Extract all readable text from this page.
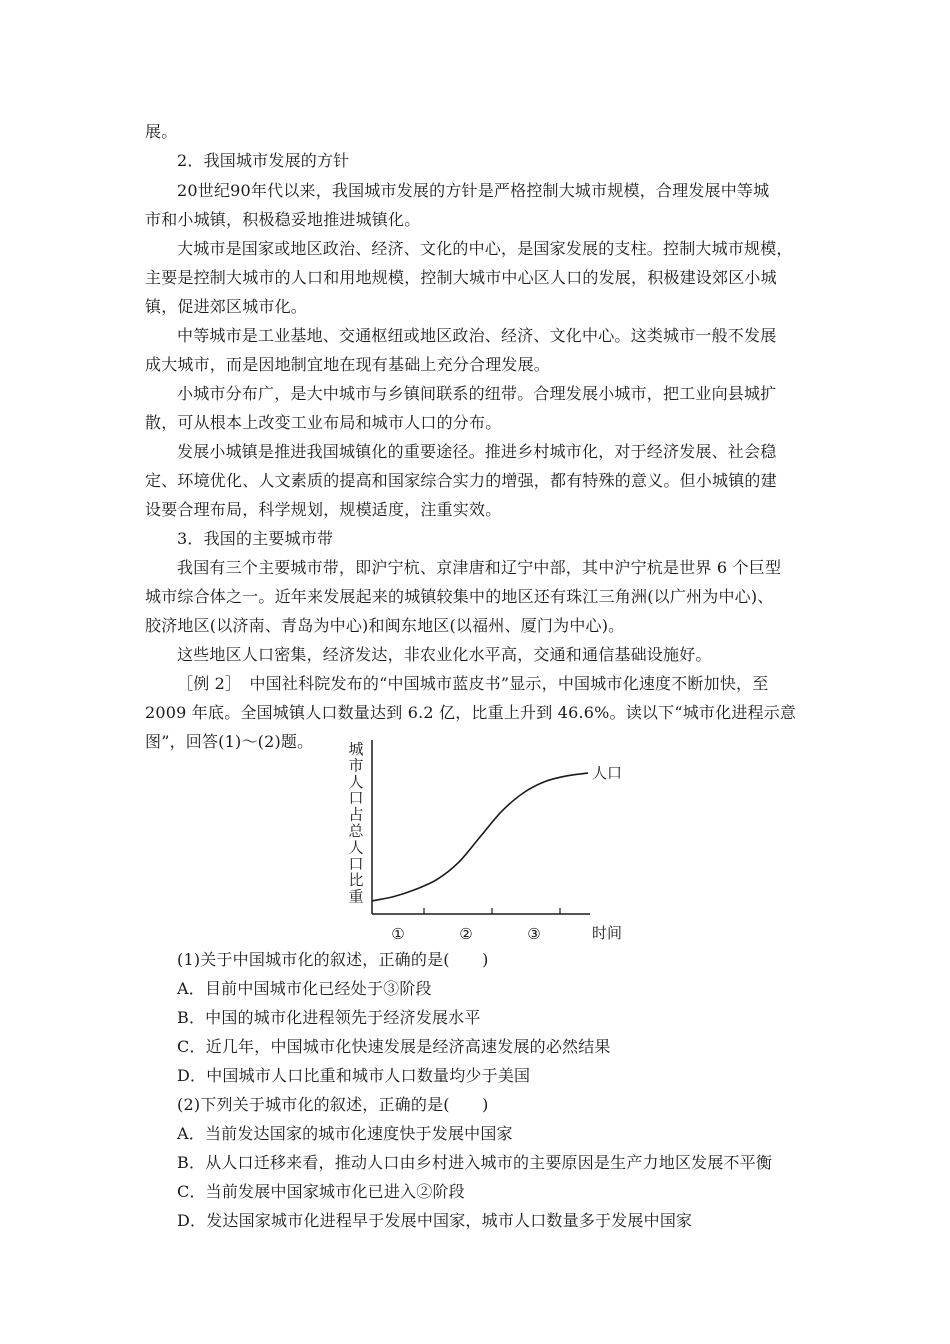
展。
2．我国城市发展的方针
20世纪90年代以来，我国城市发展的方针是严格控制大城市规模，合理发展中等城
市和小城镇，积极稳妥地推进城镇化。
大城市是国家或地区政治、经济、文化的中心，是国家发展的支柱。控制大城市规模，
主要是控制大城市的人口和用地规模，控制大城市中心区人口的发展，积极建设郊区小城
镇，促进郊区城市化。
中等城市是工业基地、交通枢纽或地区政治、经济、文化中心。这类城市一般不发展
成大城市，而是因地制宜地在现有基础上充分合理发展。
小城市分布广，是大中城市与乡镇间联系的纽带。合理发展小城市，把工业向县城扩
散，可从根本上改变工业布局和城市人口的分布。
发展小城镇是推进我国城镇化的重要途径。推进乡村城市化，对于经济发展、社会稳
定、环境优化、人文素质的提高和国家综合实力的增强，都有特殊的意义。但小城镇的建
设要合理布局，科学规划，规模适度，注重实效。
3．我国的主要城市带
我国有三个主要城市带，即沪宁杭、京津唐和辽宁中部，其中沪宁杭是世界 6 个巨型
城市综合体之一。近年来发展起来的城镇较集中的地区还有珠江三角洲(以广州为中心)、
胶济地区(以济南、青岛为中心)和闽东地区(以福州、厦门为中心)。
这些地区人口密集，经济发达，非农业化水平高，交通和通信基础设施好。
［例 2］　中国社科院发布的“中国城市蓝皮书”显示，中国城市化速度不断加快，至
2009 年底。全国城镇人口数量达到 6.2 亿，比重上升到 46.6%。读以下“城市化进程示意
图”，回答(1)～(2)题。 城
市
人
口
占
总
人
口
比
重
①	②	③
人口
时间
(1)关于中国城市化的叙述，正确的是(　　)
A．目前中国城市化已经处于③阶段
B．中国的城市化进程领先于经济发展水平
C．近几年，中国城市化快速发展是经济高速发展的必然结果
D．中国城市人口比重和城市人口数量均少于美国
(2)下列关于城市化的叙述，正确的是(　　)
A．当前发达国家的城市化速度快于发展中国家
B．从人口迁移来看，推动人口由乡村进入城市的主要原因是生产力地区发展不平衡
C．当前发展中国家城市化已进入②阶段
D．发达国家城市化进程早于发展中国家，城市人口数量多于发展中国家
